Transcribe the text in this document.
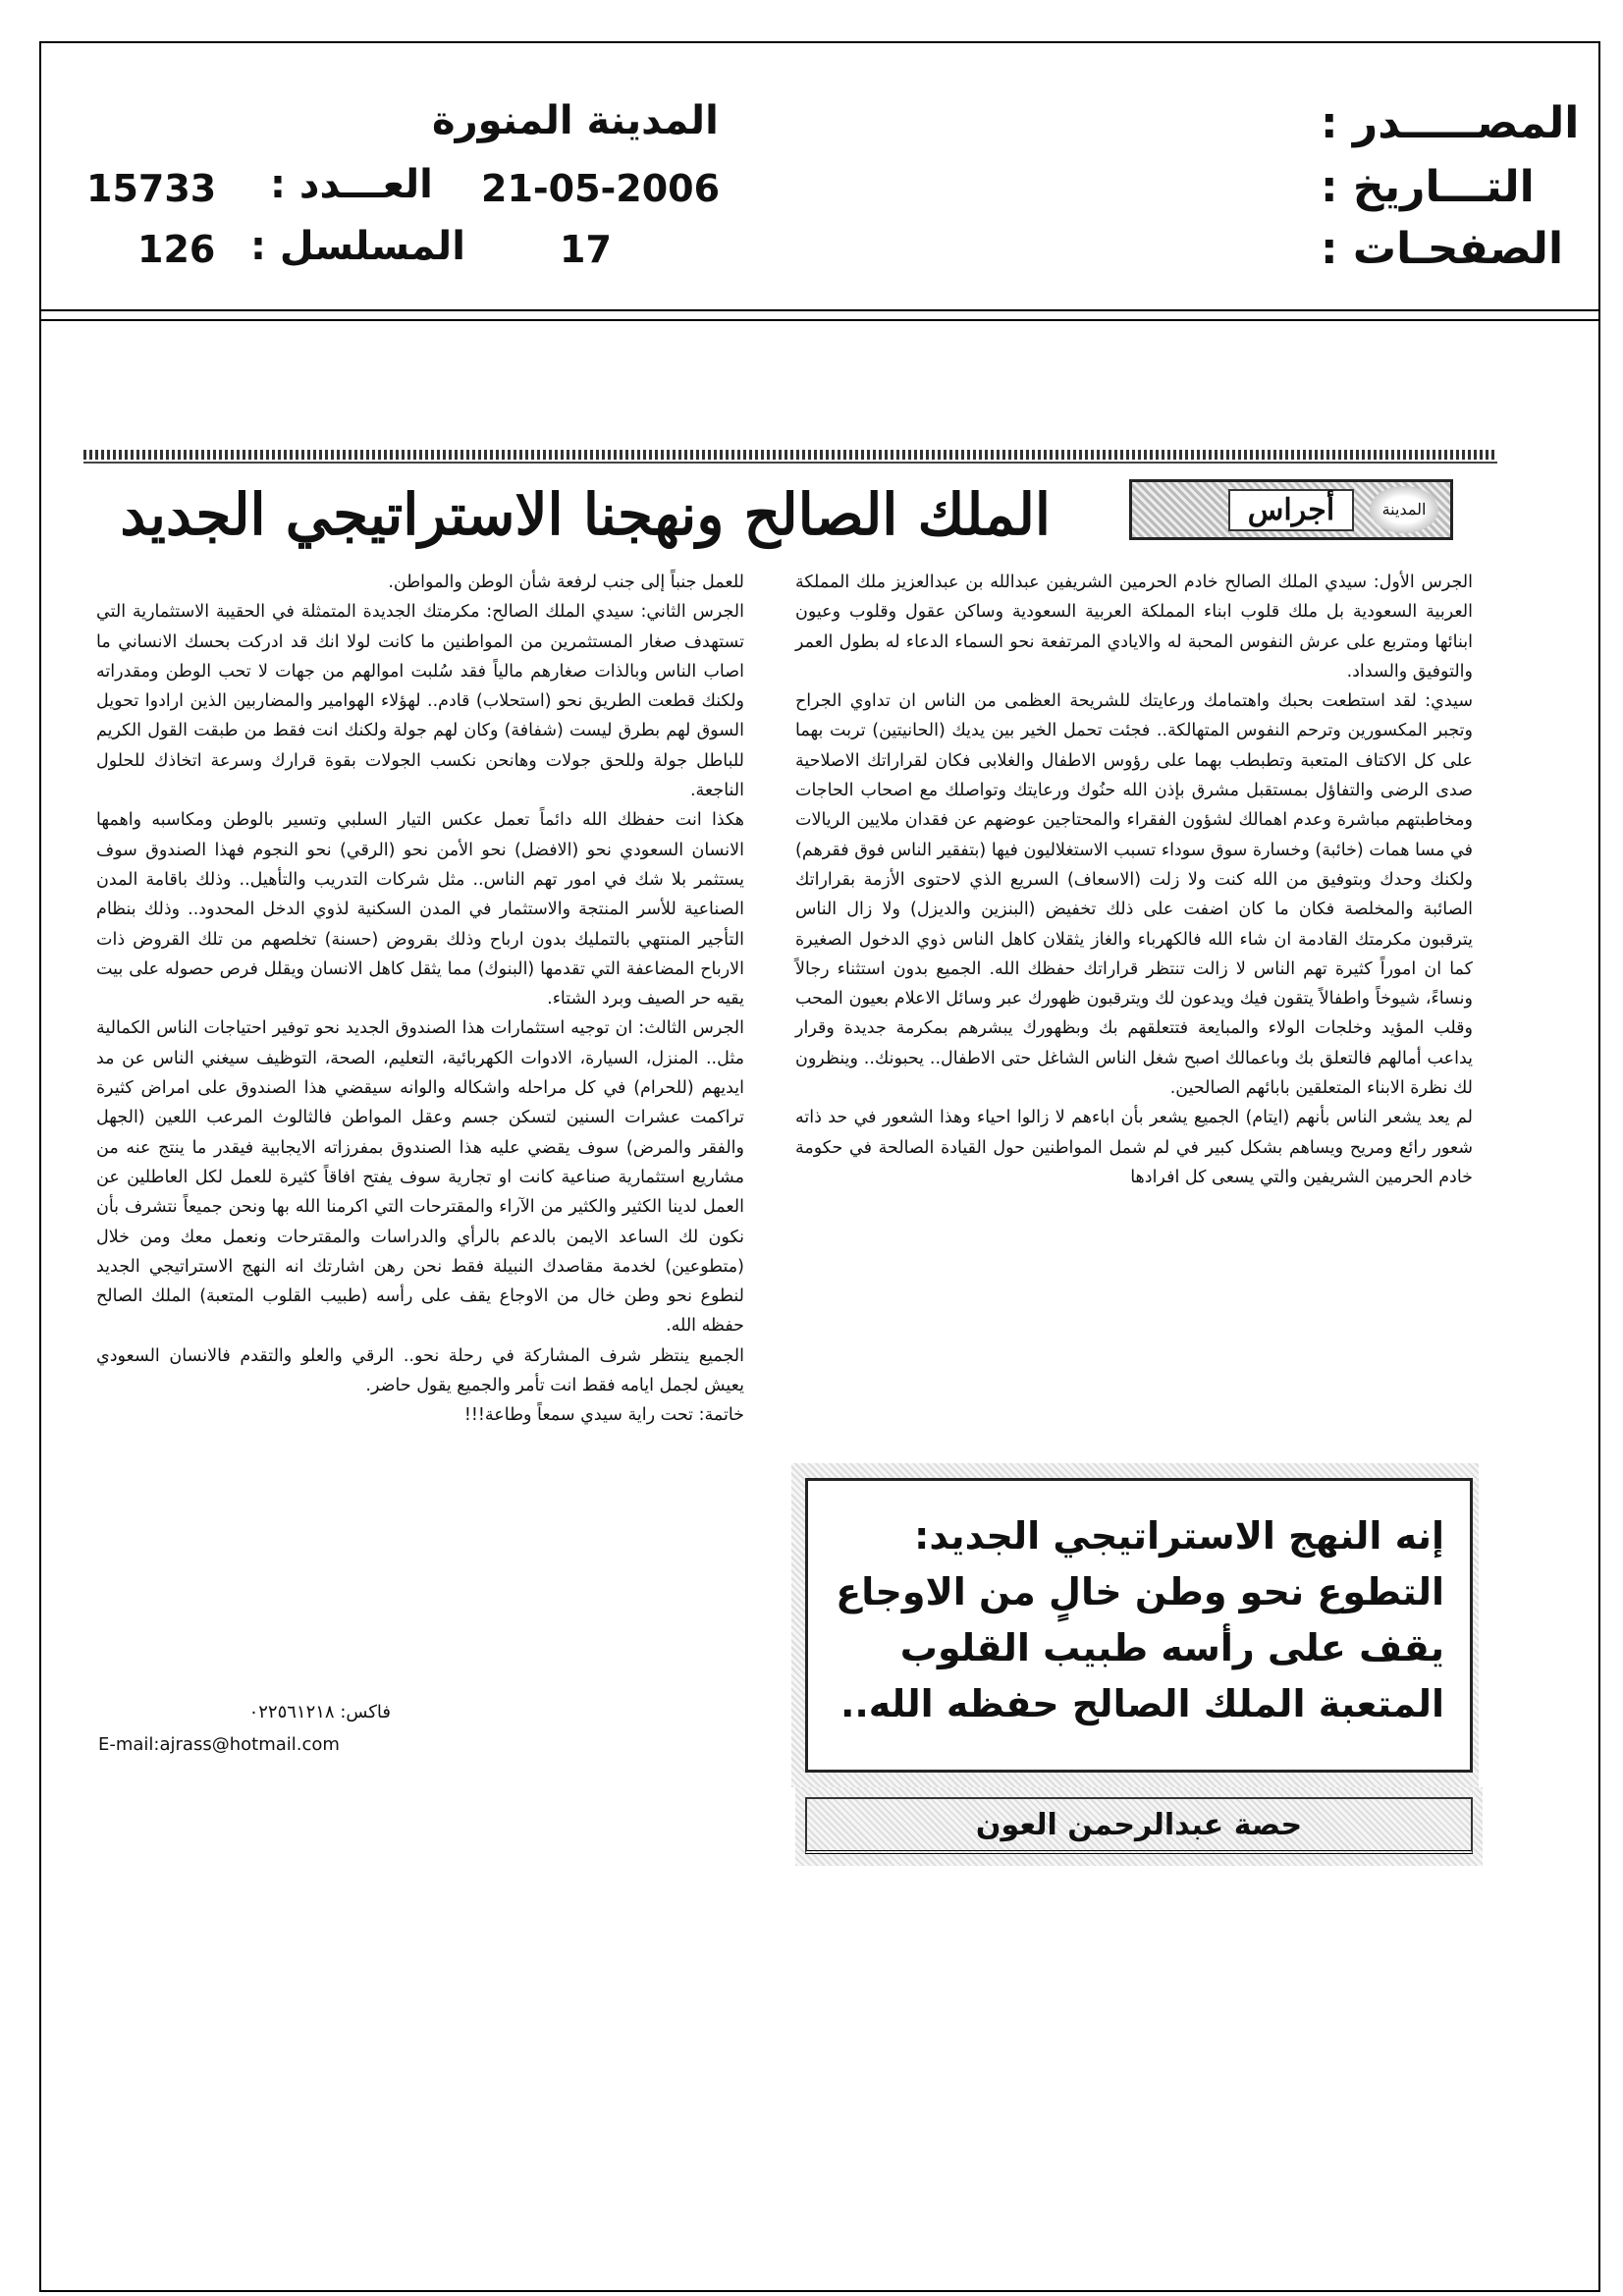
المصـــــدر :
المدينة المنورة
التـــاريخ :
21-05-2006
العـــدد :
15733
الصفحـات :
17
المسلسل :
126
أجراس	المدينة
الملك الصالح ونهجنا الاستراتيجي الجديد

الجرس الأول: سيدي الملك الصالح خادم الحرمين الشريفين عبدالله بن عبدالعزيز ملك المملكة العربية السعودية بل ملك قلوب ابناء المملكة العربية السعودية وساكن عقول وقلوب وعيون ابنائها ومتربع على عرش النفوس المحبة له والايادي المرتفعة نحو السماء الدعاء له بطول العمر والتوفيق والسداد.

سيدي: لقد استطعت بحبك واهتمامك ورعايتك للشريحة العظمى من الناس ان تداوي الجراح وتجبر المكسورين وترحم النفوس المتهالكة.. فجئت تحمل الخير بين يديك (الحانيتين) تربت بهما على كل الاكتاف المتعبة وتطبطب بهما على رؤوس الاطفال والغلابى فكان لقراراتك الاصلاحية صدى الرضى والتفاؤل بمستقبل مشرق بإذن الله حنُوك ورعايتك وتواصلك مع اصحاب الحاجات ومخاطبتهم مباشرة وعدم اهمالك لشؤون الفقراء والمحتاجين عوضهم عن فقدان ملايين الريالات في مسا همات (خائبة) وخسارة سوق سوداء تسبب الاستغلاليون فيها (بتفقير الناس فوق فقرهم) ولكنك وحدك وبتوفيق من الله كنت ولا زلت (الاسعاف) السريع الذي لاحتوى الأزمة بقراراتك الصائبة والمخلصة فكان ما كان اضفت على ذلك تخفيض (البنزين والديزل) ولا زال الناس يترقبون مكرمتك القادمة ان شاء الله فالكهرباء والغاز يثقلان كاهل الناس ذوي الدخول الصغيرة كما ان اموراً كثيرة تهم الناس لا زالت تنتظر قراراتك حفظك الله. الجميع بدون استثناء رجالاً ونساءً، شيوخاً واطفالاً يتقون فيك ويدعون لك ويترقبون ظهورك عبر وسائل الاعلام بعيون المحب وقلب المؤيد وخلجات الولاء والمبايعة فتتعلقهم بك وبظهورك يبشرهم بمكرمة جديدة وقرار يداعب أمالهم فالتعلق بك وباعمالك اصبح شغل الناس الشاغل حتى الاطفال.. يحبونك.. وينظرون لك نظرة الابناء المتعلقين بابائهم الصالحين.

لم يعد يشعر الناس بأنهم (ايتام) الجميع يشعر بأن اباءهم لا زالوا احياء وهذا الشعور في حد ذاته شعور رائع ومريح ويساهم بشكل كبير في لم شمل المواطنين حول القيادة الصالحة في حكومة خادم الحرمين الشريفين والتي يسعى كل افرادها

للعمل جنباً إلى جنب لرفعة شأن الوطن والمواطن.

الجرس الثاني: سيدي الملك الصالح: مكرمتك الجديدة المتمثلة في الحقيبة الاستثمارية التي تستهدف صغار المستثمرين من المواطنين ما كانت لولا انك قد ادركت بحسك الانساني ما اصاب الناس وبالذات صغارهم مالياً فقد سُلبت اموالهم من جهات لا تحب الوطن ومقدراته ولكنك قطعت الطريق نحو (استحلاب) قادم.. لهؤلاء الهوامير والمضاربين الذين ارادوا تحويل السوق لهم بطرق ليست (شفافة) وكان لهم جولة ولكنك انت فقط من طبقت القول الكريم للباطل جولة وللحق جولات وهانحن نكسب الجولات بقوة قرارك وسرعة اتخاذك للحلول الناجعة.

هكذا انت حفظك الله دائماً تعمل عكس التيار السلبي وتسير بالوطن ومكاسبه واهمها الانسان السعودي نحو (الافضل) نحو الأمن نحو (الرقي) نحو النجوم فهذا الصندوق سوف يستثمر بلا شك في امور تهم الناس.. مثل شركات التدريب والتأهيل.. وذلك باقامة المدن الصناعية للأسر المنتجة والاستثمار في المدن السكنية لذوي الدخل المحدود.. وذلك بنظام التأجير المنتهي بالتمليك بدون ارباح وذلك بقروض (حسنة) تخلصهم من تلك القروض ذات الارباح المضاعفة التي تقدمها (البنوك) مما يثقل كاهل الانسان ويقلل فرص حصوله على بيت يقيه حر الصيف وبرد الشتاء.

الجرس الثالث: ان توجيه استثمارات هذا الصندوق الجديد نحو توفير احتياجات الناس الكمالية مثل.. المنزل، السيارة، الادوات الكهربائية، التعليم، الصحة، التوظيف سيغني الناس عن مد ايديهم (للحرام) في كل مراحله واشكاله والوانه سيقضي هذا الصندوق على امراض كثيرة تراكمت عشرات السنين لتسكن جسم وعقل المواطن فالثالوث المرعب اللعين (الجهل والفقر والمرض) سوف يقضي عليه هذا الصندوق بمفرزاته الايجابية فيقدر ما ينتج عنه من مشاريع استثمارية صناعية كانت او تجارية سوف يفتح افاقاً كثيرة للعمل لكل العاطلين عن العمل لدينا الكثير والكثير من الآراء والمقترحات التي اكرمنا الله بها ونحن جميعاً نتشرف بأن نكون لك الساعد الايمن بالدعم بالرأي والدراسات والمقترحات ونعمل معك ومن خلال (متطوعين) لخدمة مقاصدك النبيلة فقط نحن رهن اشارتك انه النهج الاستراتيجي الجديد لنطوع نحو وطن خال من الاوجاع يقف على رأسه (طبيب القلوب المتعبة) الملك الصالح حفظه الله.

الجميع ينتظر شرف المشاركة في رحلة نحو.. الرقي والعلو والتقدم فالانسان السعودي يعيش لجمل ايامه فقط انت تأمر والجميع يقول حاضر.

خاتمة: تحت راية سيدي سمعاً وطاعة!!!

فاكس: ٠٢٢٥٦١٢١٨
E-mail:ajrass@hotmail.com
إنه النهج الاستراتيجي الجديد: التطوع نحو وطن خالٍ من الاوجاع يقف على رأسه طبيب القلوب المتعبة الملك الصالح حفظه الله..
حصة عبدالرحمن العون
